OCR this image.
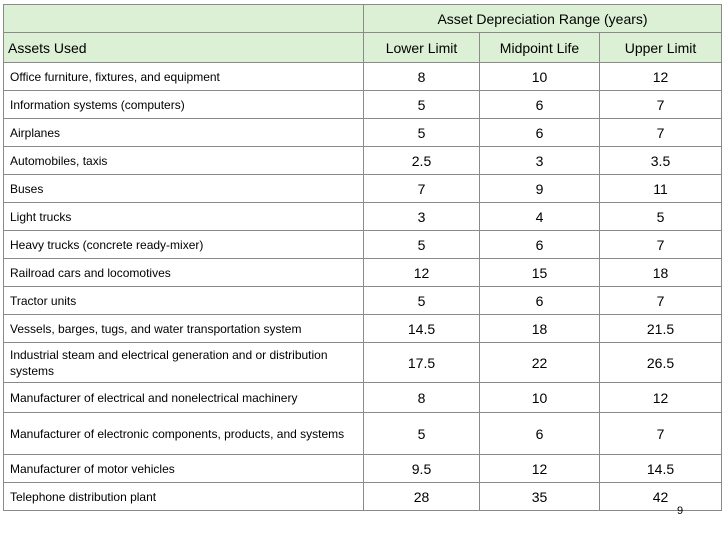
	Asset Depreciation Range (years)		
Assets Used	Lower Limit	Midpoint Life	Upper Limit
Office furniture, fixtures, and equipment	8	10	12
Information systems (computers)	5	6	7
Airplanes	5	6	7
Automobiles, taxis	2.5	3	3.5
Buses	7	9	11
Light trucks	3	4	5
Heavy trucks (concrete ready-mixer)	5	6	7
Railroad cars and locomotives	12	15	18
Tractor units	5	6	7
Vessels, barges, tugs, and water transportation system	14.5	18	21.5
Industrial steam and electrical generation and or distribution systems	17.5	22	26.5
Manufacturer of electrical and nonelectrical machinery	8	10	12
Manufacturer of electronic components, products, and systems	5	6	7
Manufacturer of motor vehicles	9.5	12	14.5
Telephone distribution plant	28	35	42
9
